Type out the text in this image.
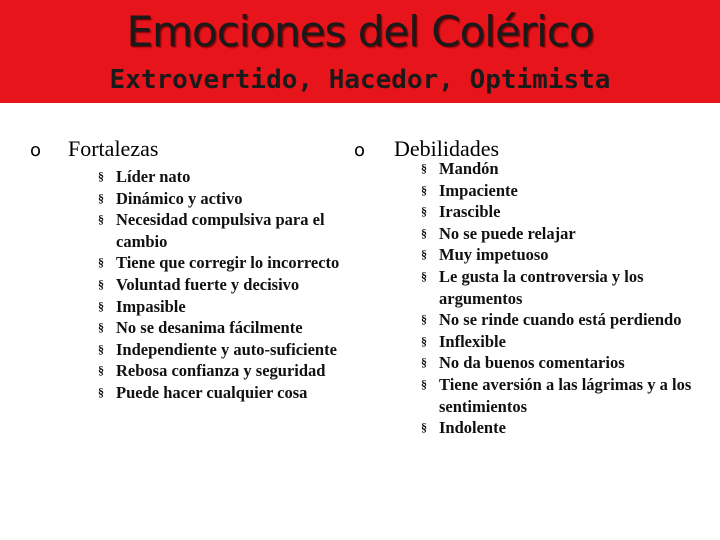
Emociones del Colérico
Extrovertido, Hacedor, Optimista
o Fortalezas
§ Líder nato
§ Dinámico y activo
§ Necesidad compulsiva para el cambio
§ Tiene que corregir lo incorrecto
§ Voluntad fuerte y decisivo
§ Impasible
§ No se desanima fácilmente
§ Independiente y auto-suficiente
§ Rebosa confianza y seguridad
§ Puede hacer cualquier cosa
o Debilidades
§ Mandón
§ Impaciente
§ Irascible
§ No se puede relajar
§ Muy impetuoso
§ Le gusta la controversia y los argumentos
§ No se rinde cuando está perdiendo
§ Inflexible
§ No da buenos comentarios
§ Tiene aversión a las lágrimas y a los sentimientos
§ Indolente
